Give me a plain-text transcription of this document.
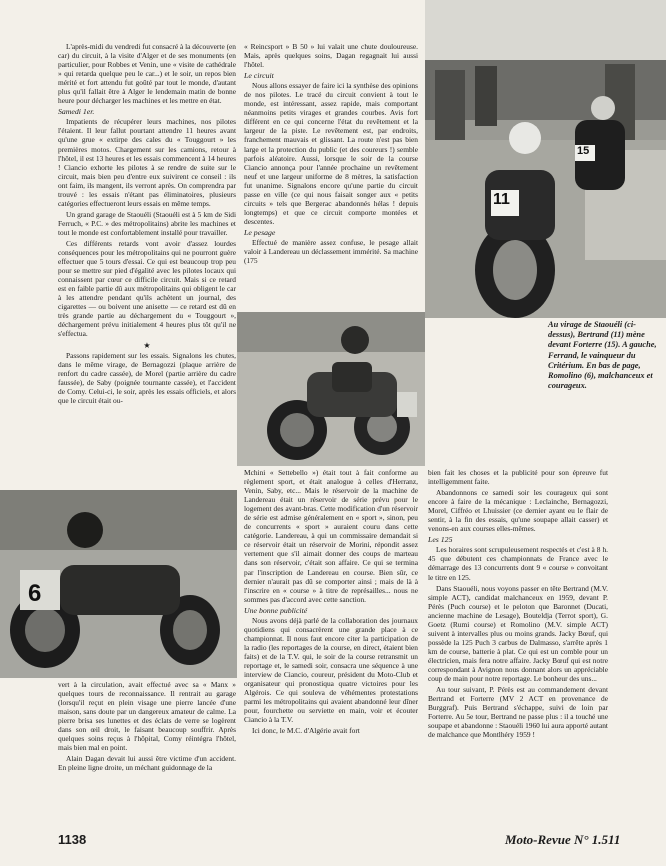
L'après-midi du vendredi fut consacré à la découverte (en car) du circuit, à la visite d'Alger et de ses monuments (en particulier, pour Robbes et Venin, une « visite de cathédrale » qui retarda quelque peu le car...) et le soir, un repos bien mérité et fort attendu fut goûté par tout le monde, d'autant plus qu'il fallait être à Alger le lendemain matin de bonne heure pour décharger les machines et les mettre en état.

Samedi 1er.

Impatients de récupérer leurs machines, nos pilotes l'étaient. Il leur fallut pourtant attendre 11 heures avant qu'une grue « extirpe des cales du « Touggourt » les premières motos. Chargement sur les camions, retour à l'hôtel, il est 13 heures et les essais commencent à 14 heures ! Ciancio exhorte les pilotes à se rendre de suite sur le circuit, mais bien peu d'entre eux suivirent ce conseil : ils ont faim, ils mangent, ils verront après. On comprendra par trouvé : les essais n'étant pas éliminatoires, plusieurs catégories effectueront leurs essais en même temps.

Un grand garage de Staouéli (Staouéli est à 5 km de Sidi Ferruch, « P.C. » des métropolitains) abrite les machines et tout le monde est confortablement installé pour travailler.

Ces différents retards vont avoir d'assez lourdes conséquences pour les métropolitains qui ne pourront guère effectuer que 5 tours d'essai. Ce qui est beaucoup trop peu pour se mettre sur pied d'égalité avec les pilotes locaux qui connaissent par cœur ce difficile circuit. Mais si ce retard est en faible partie dû aux métropolitains qui obligent le car à les attendre pendant qu'ils achètent un journal, des cigarettes — ou boivent une anisette — ce retard est dû en très grande partie au déchargement du « Touggourt », déchargement prévu initialement 4 heures plus tôt qu'il ne s'effectua.

★

Passons rapidement sur les essais. Signalons les chutes, dans le même virage, de Bernagozzi (plaque arrière de renfort du cadre cassée), de Morel (partie arrière du cadre faussée), de Saby (poignée tournante cassée), et l'accident de Comy. Celui-ci, le soir, après les essais officiels, et alors que le circuit était ou-

vert à la circulation, avait effectué avec sa « Manx » quelques tours de reconnaissance. Il rentrait au garage (lorsqu'il reçut en plein visage une pierre lancée d'une maison, sans doute par un dangereux amateur de calme. La pierre brisa ses lunettes et des éclats de verre se logèrent dans son œil droit, le faisant beaucoup souffrir. Après quelques soins reçus à l'hôpital, Comy réintégra l'hôtel, mais bien mal en point.

Alain Dagan devait lui aussi être victime d'un accident. En pleine ligne droite, un méchant guidonnage de la

« Reincsport » B 50 » lui valait une chute douloureuse. Mais, après quelques soins, Dagan regagnait lui aussi l'hôtel.

Le circuit

Nous allons essayer de faire ici la synthèse des opinions de nos pilotes. Le tracé du circuit convient à tout le monde, est intéressant, assez rapide, mais comportant néanmoins petits virages et grandes courbes. Avis fort différent en ce qui concerne l'état du revêtement et la largeur de la piste. Le revêtement est, par endroits, franchement mauvais et glissant. La route n'est pas bien large et la protection du public (et des coureurs !) semble parfois aléatoire. Aussi, lorsque le soir de la course Ciancio annonça pour l'année prochaine un revêtement neuf et une largeur uniforme de 8 mètres, la satisfaction fut unanime. Signalons encore qu'une partie du circuit passe en ville (ce qui nous faisait songer aux « petits circuits » tels que Bergerac abandonnés hélas ! depuis longtemps) et que ce circuit comporte montées et descentes.

Le pesage

Effectué de manière assez confuse, le pesage allait valoir à Landereau un déclassement immérité. Sa machine (175

Mchini « Settebello ») était tout à fait conforme au règlement sport, et était analogue à celles d'Herranz, Venin, Saby, etc... Mais le réservoir de la machine de Landereau était un réservoir de série prévu pour le logement des avant-bras. Cette modification d'un réservoir de série est admise généralement en « sport », sinon, peu de concurrents « sport » auraient couru dans cette catégorie. Landereau, à qui un commissaire demandait si ce réservoir était un réservoir de Morini, répondit assez vertement que s'il aimait donner des coups de marteau dans son réservoir, c'était son affaire. Ce qui se termina par l'inscription de Landereau en course. Bien sûr, ce dernier n'aurait pas dû se comporter ainsi ; mais de là à l'inscrire en « course » à titre de représailles... nous ne sommes pas d'accord avec cette sanction.

Une bonne publicité

Nous avons déjà parlé de la collaboration des journaux quotidiens qui consacrèrent une grande place à ce championnat. Il nous faut encore citer la participation de la radio (les reportages de la course, en direct, étaient bien faits) et de la T.V. qui, le soir de la course retransmit un reportage et, le samedi soir, consacra une séquence à une interview de Ciancio, coureur, président du Moto-Club et organisateur qui pronostiqua quatre victoires pour les Algérois. Ce qui souleva de véhémentes protestations parmi les métropolitains qui avaient abandonné leur dîner pour, fourchette ou serviette en main, voir et écouter Ciancio à la T.V.

Ici donc, le M.C. d'Algérie avait fort

bien fait les choses et la publicité pour son épreuve fut intelligemment faite.

Abandonnons ce samedi soir les courageux qui sont encore à faire de la mécanique : Leclainche, Bernagozzi, Morel, Ciffréo et Lhuissier (ce dernier ayant eu le flair de sentir, à la fin des essais, qu'une soupape allait casser) et venons-en aux courses elles-mêmes.

Les 125

Les horaires sont scrupuleusement respectés et c'est à 8 h. 45 que débutent ces championnats de France avec le démarrage des 13 concurrents dont 9 « course » convoitant le titre en 125.

Dans Staouéli, nous voyons passer en tête Bertrand (M.V. simple ACT), candidat malchanceux en 1959, devant P. Pérès (Puch course) et le peloton que Baronnet (Ducati, ancienne machine de Lesage), Bouteldja (Terrot sport), G. Goetz (Rumi course) et Romolino (M.V. simple ACT) suivent à intervalles plus ou moins grands. Jacky Bœuf, qui possède la 125 Puch 3 carbus de Dalmasso, s'arrête après 1 km de course, batterie à plat. Ce qui est un comble pour un électricien, mais fera notre affaire. Jacky Bœuf qui est notre correspondant à Avignon nous donnant alors un appréciable coup de main pour notre reportage. Le bonheur des uns...

Au tour suivant, P. Pérès est au commandement devant Bertrand et Forterre (MV 2 ACT en provenance de Burggraf). Puis Bertrand s'échappe, suivi de loin par Forterre. Au 5e tour, Bertrand ne passe plus : il a touché une soupape et abandonne : Staouéli 1960 lui aura apporté autant de malchance que Montlhéry 1959 !

11
15
Au virage de Staouéli (ci-dessus), Bertrand (11) mène devant Forterre (15). A gauche, Ferrand, le vainqueur du Critérium. En bas de page, Romolino (6), malchanceux et courageux.
6
1138	Moto-Revue N° 1.511
